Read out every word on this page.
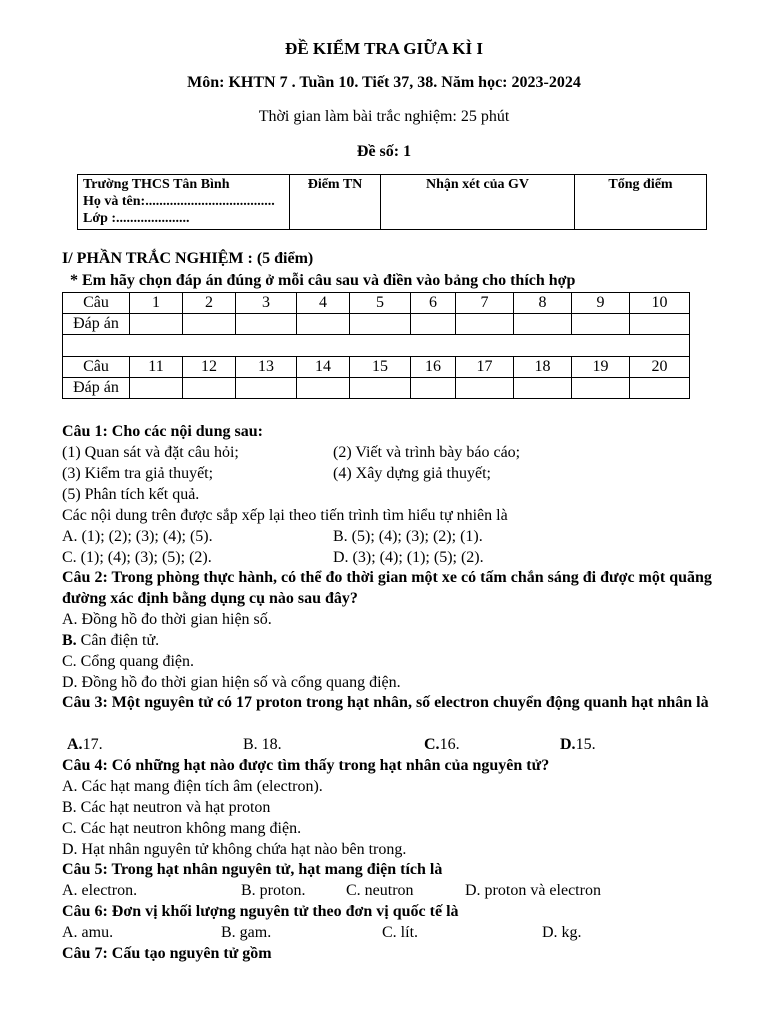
ĐỀ KIỂM TRA GIỮA KÌ I
Môn: KHTN 7 . Tuần 10. Tiết 37, 38. Năm học: 2023-2024
Thời gian làm bài trắc nghiệm: 25 phút
Đề số: 1
Trường THCS Tân Bình
Họ và tên:.....................................
Lớp :.....................
	Điểm TN	Nhận xét của GV	Tổng điểm
I/ PHẦN TRẮC NGHIỆM : (5 điểm)
* Em hãy chọn đáp án đúng ở mỗi câu sau và điền vào bảng cho thích hợp
Câu	1	2	3	4	5	6	7	8	9	10
Đáp án										

Câu	11	12	13	14	15	16	17	18	19	20
Đáp án										
Câu 1: Cho các nội dung sau:
(1) Quan sát và đặt câu hỏi;	(2) Viết và trình bày báo cáo;
(3) Kiểm tra giả thuyết;	(4) Xây dựng giả thuyết;
(5) Phân tích kết quả.
Các nội dung trên được sắp xếp lại theo tiến trình tìm hiểu tự nhiên là
A. (1); (2); (3); (4); (5).	B. (5); (4); (3); (2); (1).
C. (1); (4); (3); (5); (2).	D. (3); (4); (1); (5); (2).
Câu 2: Trong phòng thực hành, có thể đo thời gian một xe có tấm chắn sáng đi được một quãng đường xác định bằng dụng cụ nào sau đây?
A. Đồng hồ đo thời gian hiện số.
B. Cân điện tử.
C. Cổng quang điện.
D. Đồng hồ đo thời gian hiện số và cổng quang điện.
Câu 3: Một nguyên tử có 17 proton trong hạt nhân, số electron chuyển động quanh hạt nhân là
A. 17.	B. 18.	C. 16.	D. 15.
Câu 4: Có những hạt nào được tìm thấy trong hạt nhân của nguyên tử?
A. Các hạt mang điện tích âm (electron).
B. Các hạt neutron và hạt proton
C. Các hạt neutron không mang điện.
D. Hạt nhân nguyên tử không chứa hạt nào bên trong.
Câu 5: Trong hạt nhân nguyên tử, hạt mang điện tích là
A. electron.	B. proton.	C. neutron	D. proton và electron
Câu 6: Đơn vị khối lượng nguyên tử theo đơn vị quốc tế là
A. amu.	B. gam.	C. lít.	D. kg.
Câu 7: Cấu tạo nguyên tử gồm
